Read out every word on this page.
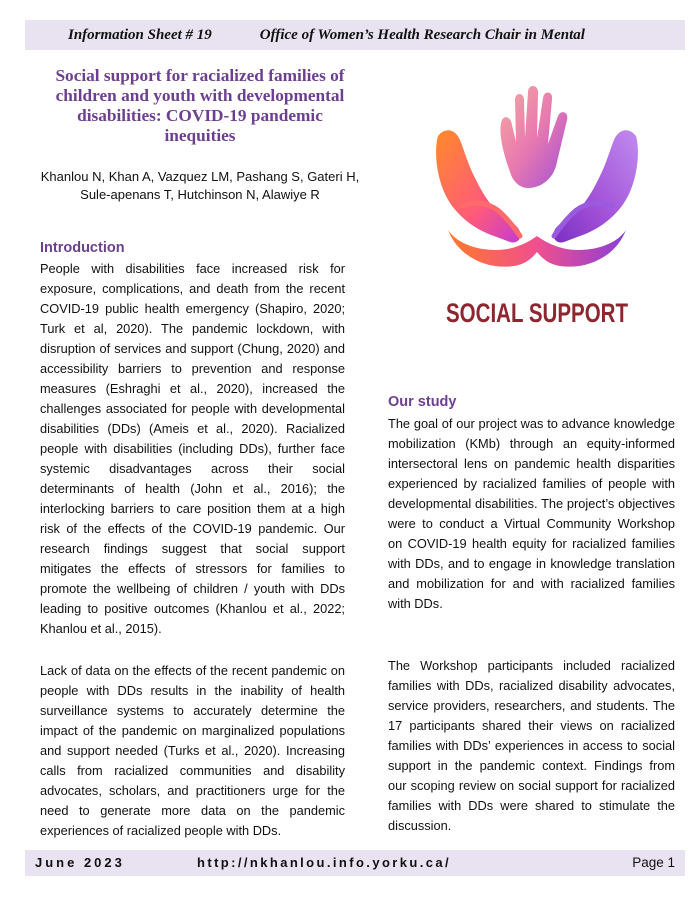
Information Sheet # 19	Office of Women’s Health Research Chair in Mental
Social support for racialized families of children and youth with developmental disabilities: COVID-19 pandemic inequities
Khanlou N, Khan A, Vazquez LM, Pashang S, Gateri H, Sule-apenans T, Hutchinson N, Alawiye R
SOCIAL SUPPORT
Introduction
People with disabilities face increased risk for exposure, complications, and death from the recent COVID-19 public health emergency (Shapiro, 2020; Turk et al, 2020). The pandemic lockdown, with disruption of services and support (Chung, 2020) and accessibility barriers to prevention and response measures (Eshraghi et al., 2020), increased the challenges associated for people with developmental disabilities (DDs) (Ameis et al., 2020). Racialized people with disabilities (including DDs), further face systemic disadvantages across their social determinants of health (John et al., 2016); the interlocking barriers to care position them at a high risk of the effects of the COVID-19 pandemic. Our research findings suggest that social support mitigates the effects of stressors for families to promote the wellbeing of children / youth with DDs leading to positive outcomes (Khanlou et al., 2022; Khanlou et al., 2015).
Lack of data on the effects of the recent pandemic on people with DDs results in the inability of health surveillance systems to accurately determine the impact of the pandemic on marginalized populations and support needed (Turks et al., 2020). Increasing calls from racialized communities and disability advocates, scholars, and practitioners urge for the need to generate more data on the pandemic experiences of racialized people with DDs.
Our study
The goal of our project was to advance knowledge mobilization (KMb) through an equity-informed intersectoral lens on pandemic health disparities experienced by racialized families of people with developmental disabilities. The project’s objectives were to conduct a Virtual Community Workshop on COVID-19 health equity for racialized families with DDs, and to engage in knowledge translation and mobilization for and with racialized families with DDs.
The Workshop participants included racialized families with DDs, racialized disability advocates, service providers, researchers, and students. The 17 participants shared their views on racialized families with DDs’ experiences in access to social support in the pandemic context. Findings from our scoping review on social support for racialized families with DDs were shared to stimulate the discussion.
June 2023	http://nkhanlou.info.yorku.ca/	Page 1
